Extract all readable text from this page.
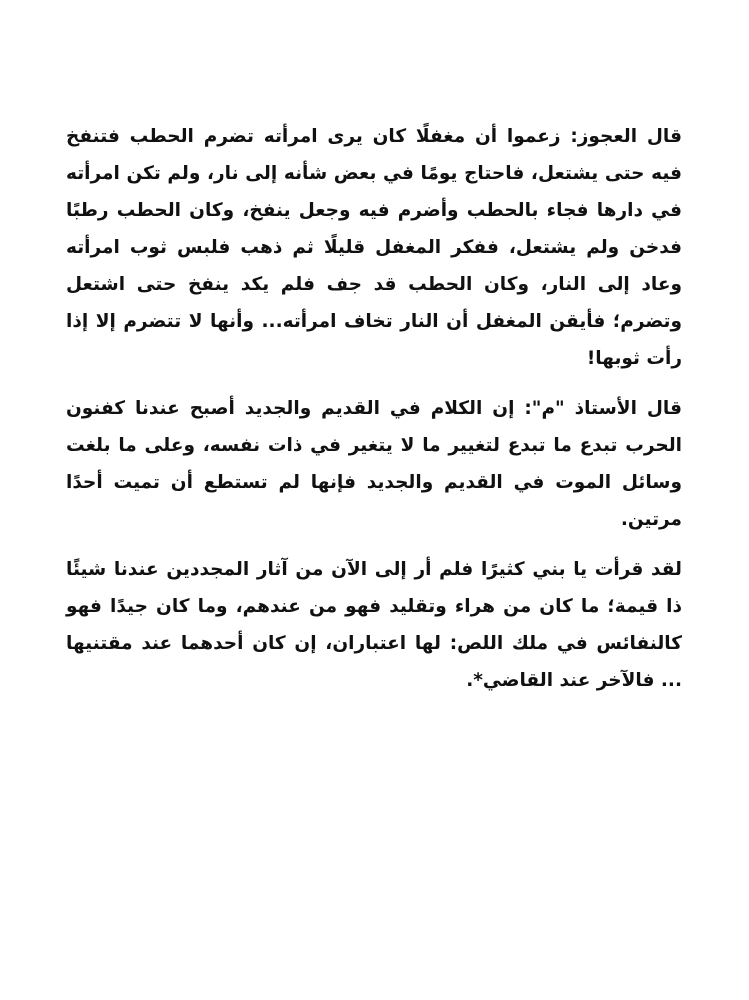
قال العجوز: زعموا أن مغفلًا كان يرى امرأته تضرم الحطب فتنفخ فيه حتى يشتعل، فاحتاج يومًا في بعض شأنه إلى نار، ولم تكن امرأته في دارها فجاء بالحطب وأضرم فيه وجعل ينفخ، وكان الحطب رطبًا فدخن ولم يشتعل، ففكر المغفل قليلًا ثم ذهب فلبس ثوب امرأته وعاد إلى النار، وكان الحطب قد جف فلم يكد ينفخ حتى اشتعل وتضرم؛ فأيقن المغفل أن النار تخاف امرأته... وأنها لا تتضرم إلا إذا رأت ثوبها!

قال الأستاذ "م": إن الكلام في القديم والجديد أصبح عندنا كفنون الحرب تبدع ما تبدع لتغيير ما لا يتغير في ذات نفسه، وعلى ما بلغت وسائل الموت في القديم والجديد فإنها لم تستطع أن تميت أحدًا مرتين.

لقد قرأت يا بني كثيرًا فلم أر إلى الآن من آثار المجددين عندنا شيئًا ذا قيمة؛ ما كان من هراء وتقليد فهو من عندهم، وما كان جيدًا فهو كالنفائس في ملك اللص: لها اعتباران، إن كان أحدهما عند مقتنيها ... فالآخر عند القاضي*.
